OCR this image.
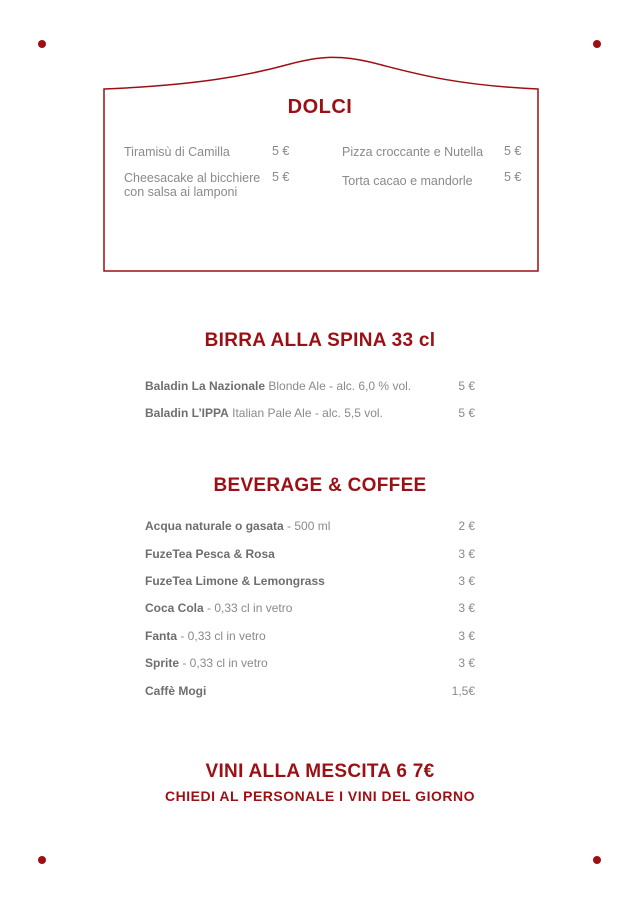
DOLCI
Tiramisù di Camilla	5 €
Cheesacake al bicchiere
con salsa ai lamponi
5 €
Pizza croccante e Nutella 5 €
Torta cacao e mandorle	5 €
BIRRA ALLA SPINA 33 cl
Baladin La Nazionale Blonde Ale - alc. 6,0 % vol.	5 €
Baladin L’IPPA Italian Pale Ale - alc. 5,5 vol.	5 €
BEVERAGE & COFFEE
Acqua naturale o gasata - 500 ml	2 €
FuzeTea Pesca & Rosa	3 €
FuzeTea Limone & Lemongrass	3 €
Coca Cola - 0,33 cl in vetro	3 €
Fanta - 0,33 cl in vetro	3 €
Sprite - 0,33 cl in vetro	3 €
Caffè Mogi	1,5€
VINI ALLA MESCITA 6 7€
CHIEDI AL PERSONALE I VINI DEL GIORNO
